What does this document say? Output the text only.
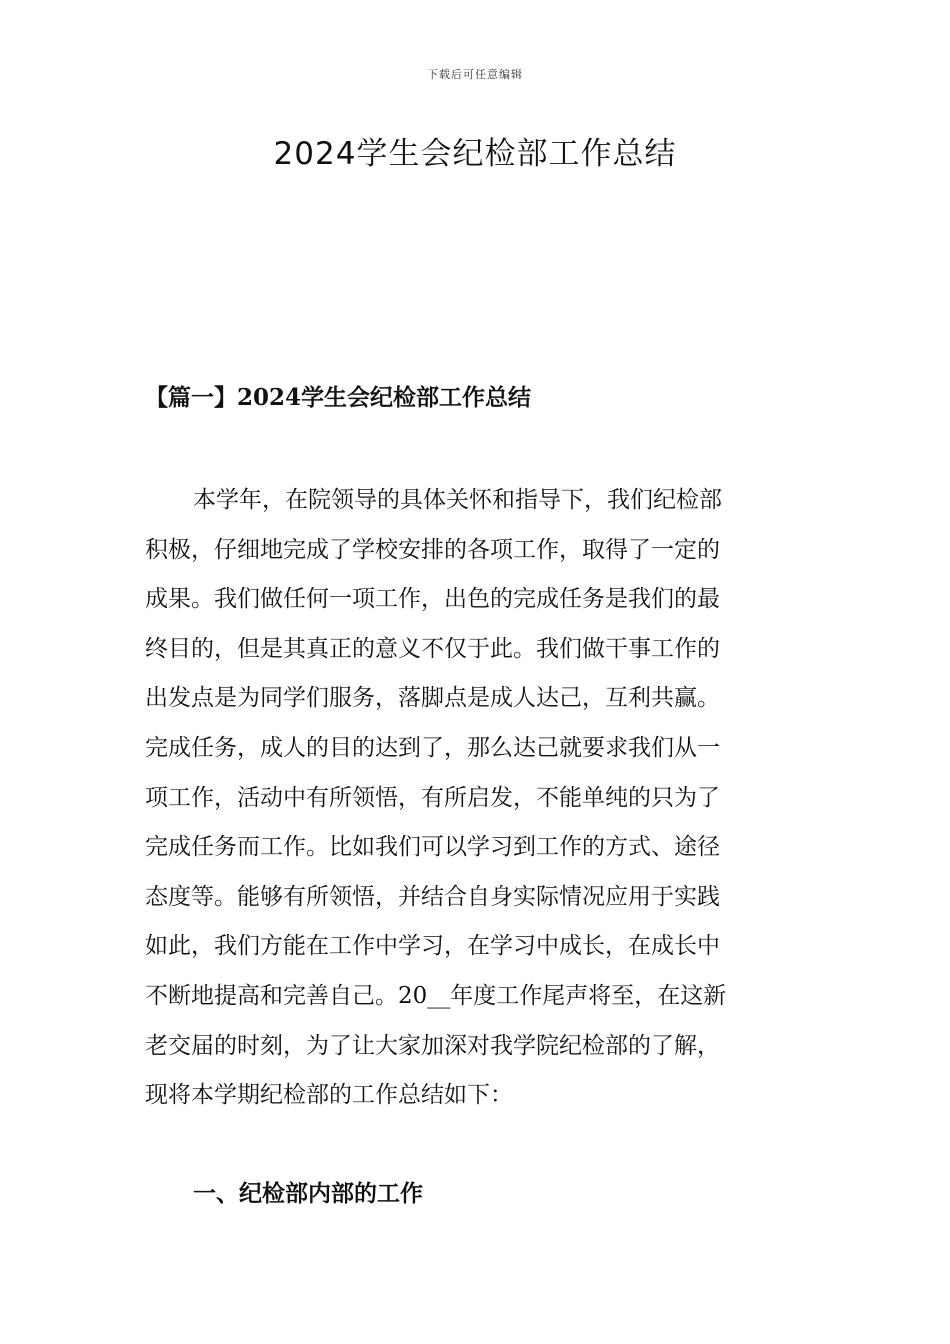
下载后可任意编辑
2024学生会纪检部工作总结
【篇一】2024学生会纪检部工作总结

本学年，在院领导的具体关怀和指导下，我们纪检部
积极，仔细地完成了学校安排的各项工作，取得了一定的
成果。我们做任何一项工作，出色的完成任务是我们的最
终目的，但是其真正的意义不仅于此。我们做干事工作的
出发点是为同学们服务，落脚点是成人达己，互利共赢。
完成任务，成人的目的达到了，那么达己就要求我们从一
项工作，活动中有所领悟，有所启发，不能单纯的只为了
完成任务而工作。比如我们可以学习到工作的方式、途径
态度等。能够有所领悟，并结合自身实际情况应用于实践
如此，我们方能在工作中学习，在学习中成长，在成长中
不断地提高和完善自己。20__年度工作尾声将至，在这新
老交届的时刻，为了让大家加深对我学院纪检部的了解，
现将本学期纪检部的工作总结如下：

一、纪检部内部的工作
